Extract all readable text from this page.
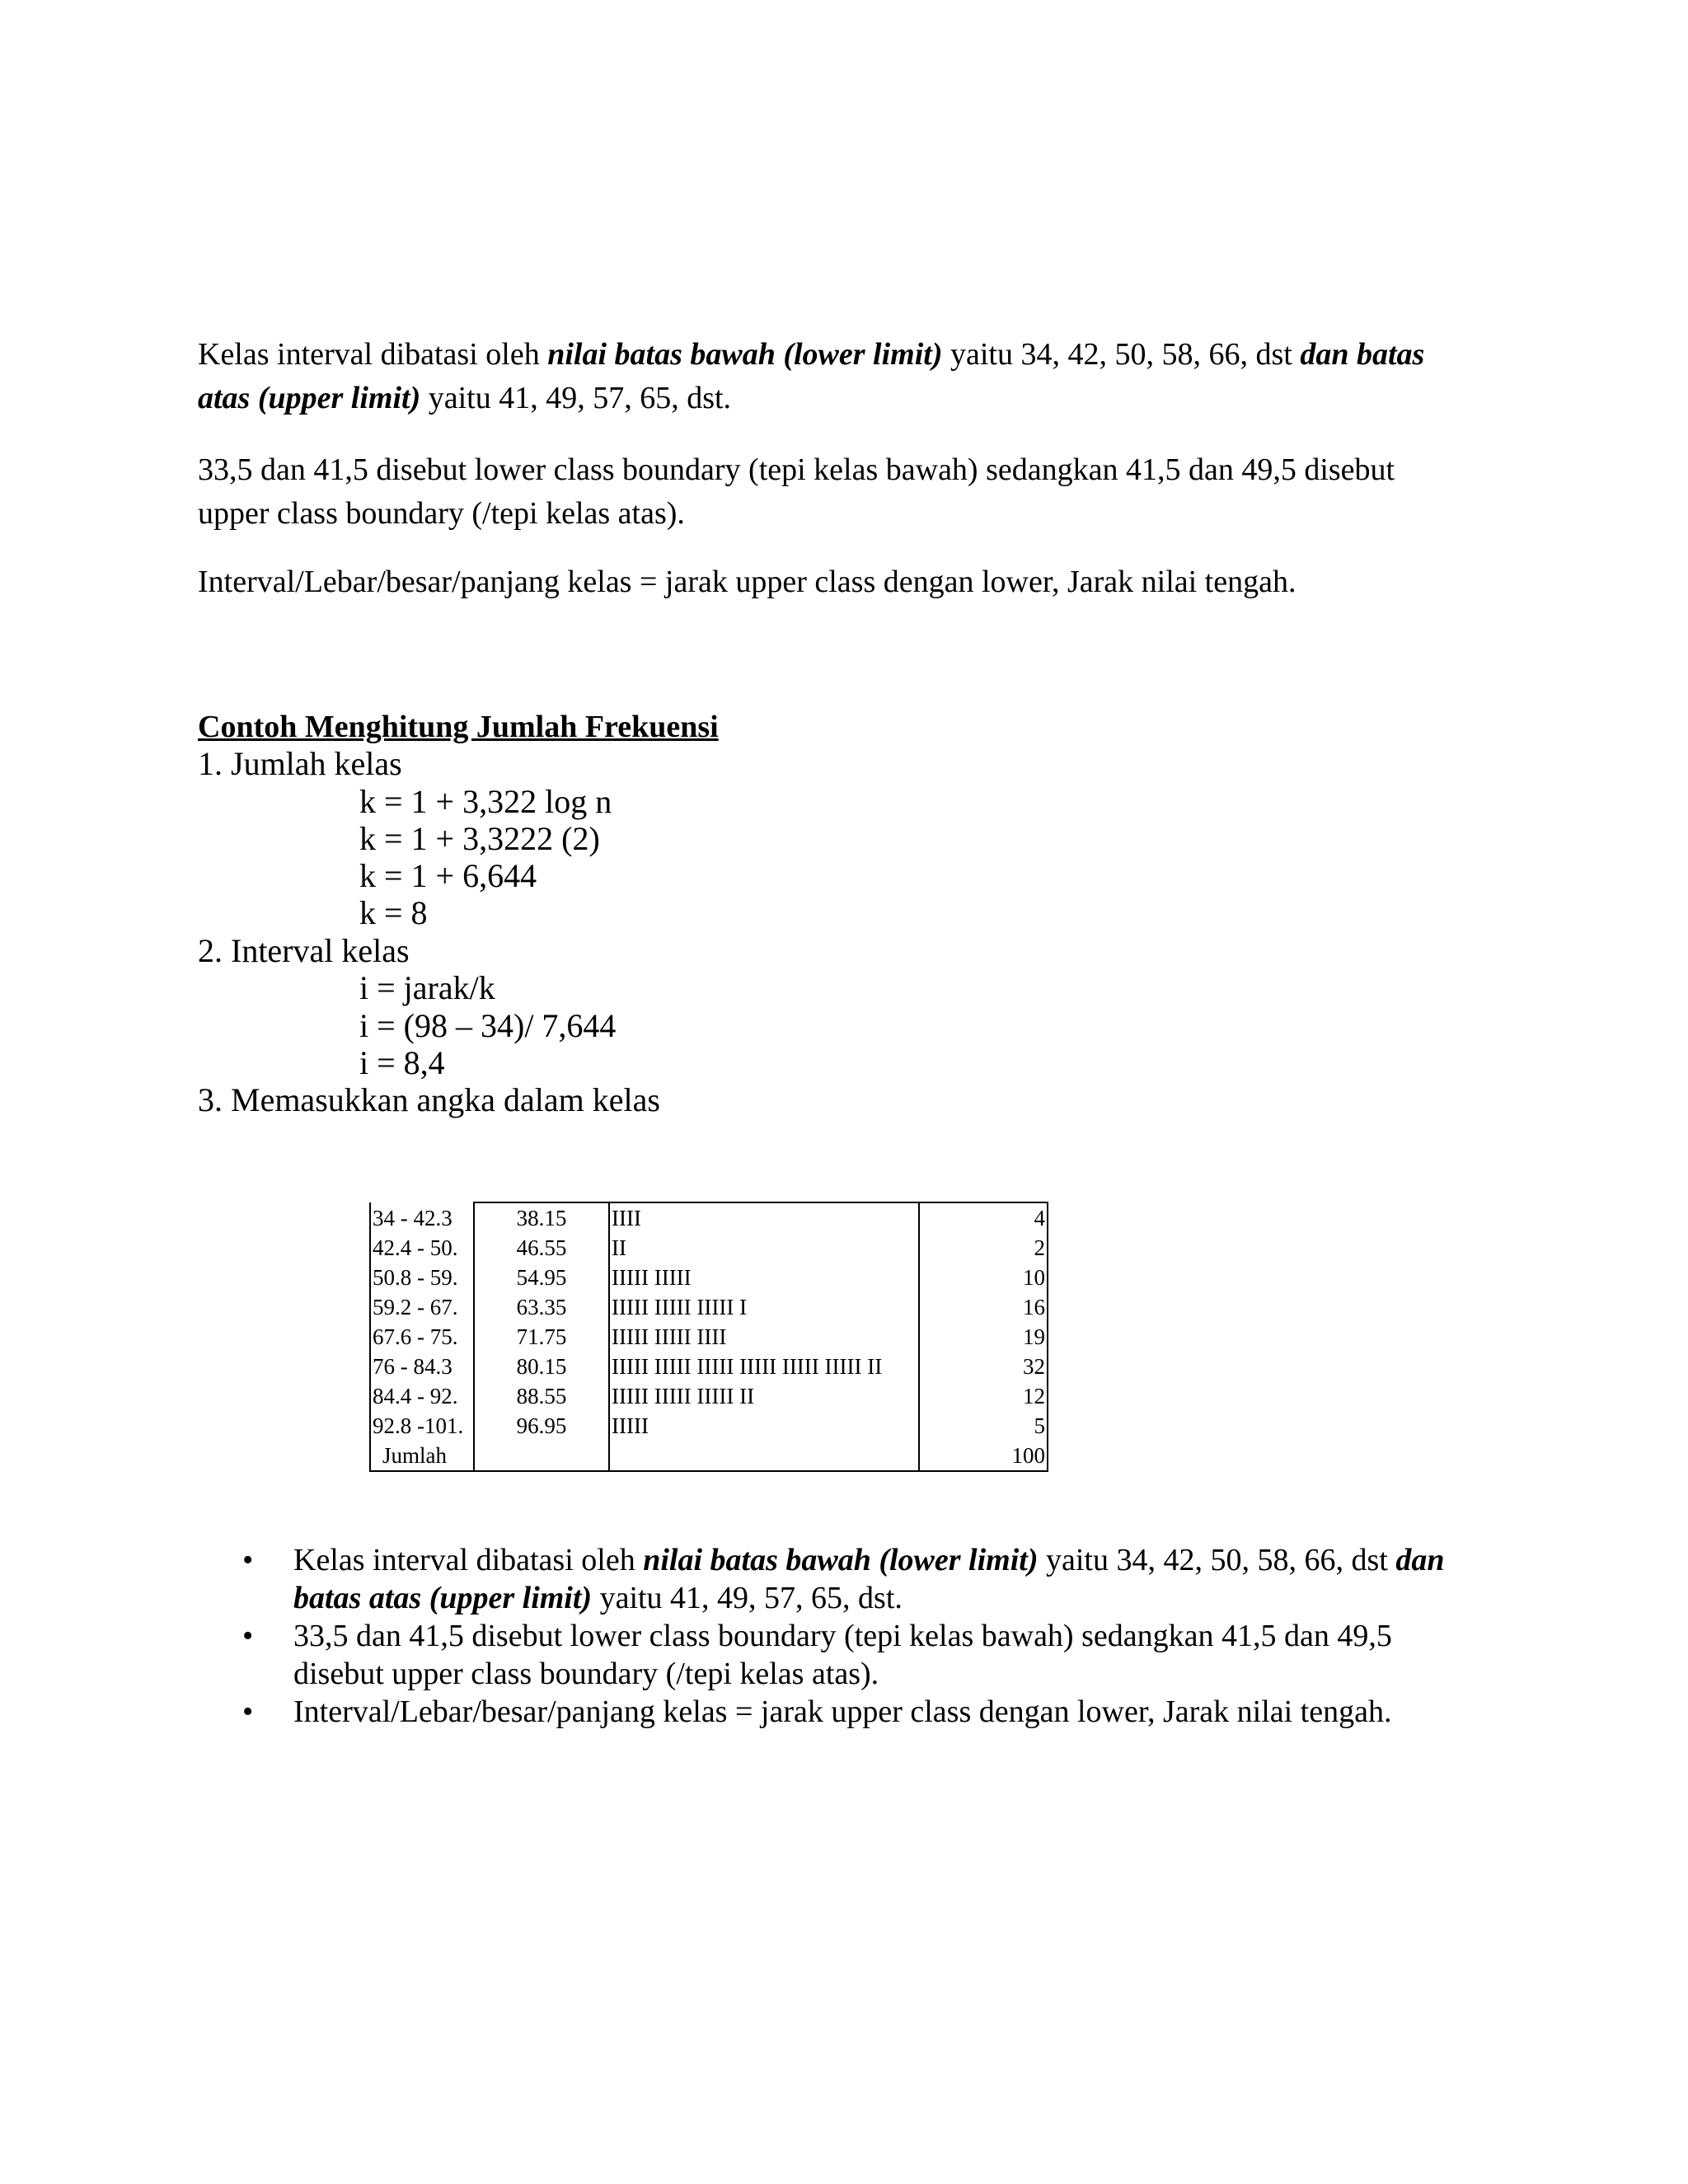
Kelas interval dibatasi oleh nilai batas bawah (lower limit) yaitu 34, 42, 50, 58, 66, dst dan batas atas (upper limit) yaitu 41, 49, 57, 65, dst.

33,5 dan 41,5 disebut lower class boundary (tepi kelas bawah) sedangkan 41,5 dan 49,5 disebut upper class boundary (/tepi kelas atas).

Interval/Lebar/besar/panjang kelas = jarak upper class dengan lower, Jarak nilai tengah.

Contoh Menghitung Jumlah Frekuensi

1. Jumlah kelas
k = 1 + 3,322 log n
k = 1 + 3,3222 (2)
k = 1 + 6,644
k = 8
2. Interval kelas
i = jarak/k
i = (98 – 34)/ 7,644
i = 8,4
3. Memasukkan angka dalam kelas
34 - 42.3	38.15	IIII	4
42.4 - 50.	46.55	II	2
50.8 - 59.	54.95	IIIII IIIII	10
59.2 - 67.	63.35	IIIII IIIII IIIII I	16
67.6 - 75.	71.75	IIIII IIIII IIII	19
76 - 84.3	80.15	IIIII IIIII IIIII IIIII IIIII IIIII II	32
84.4 - 92.	88.55	IIIII IIIII IIIII II	12
92.8 -101.	96.95	IIIII	5
Jumlah			100
• Kelas interval dibatasi oleh nilai batas bawah (lower limit) yaitu 34, 42, 50, 58, 66, dst dan batas atas (upper limit) yaitu 41, 49, 57, 65, dst.
• 33,5 dan 41,5 disebut lower class boundary (tepi kelas bawah) sedangkan 41,5 dan 49,5 disebut upper class boundary (/tepi kelas atas).
• Interval/Lebar/besar/panjang kelas = jarak upper class dengan lower, Jarak nilai tengah.
